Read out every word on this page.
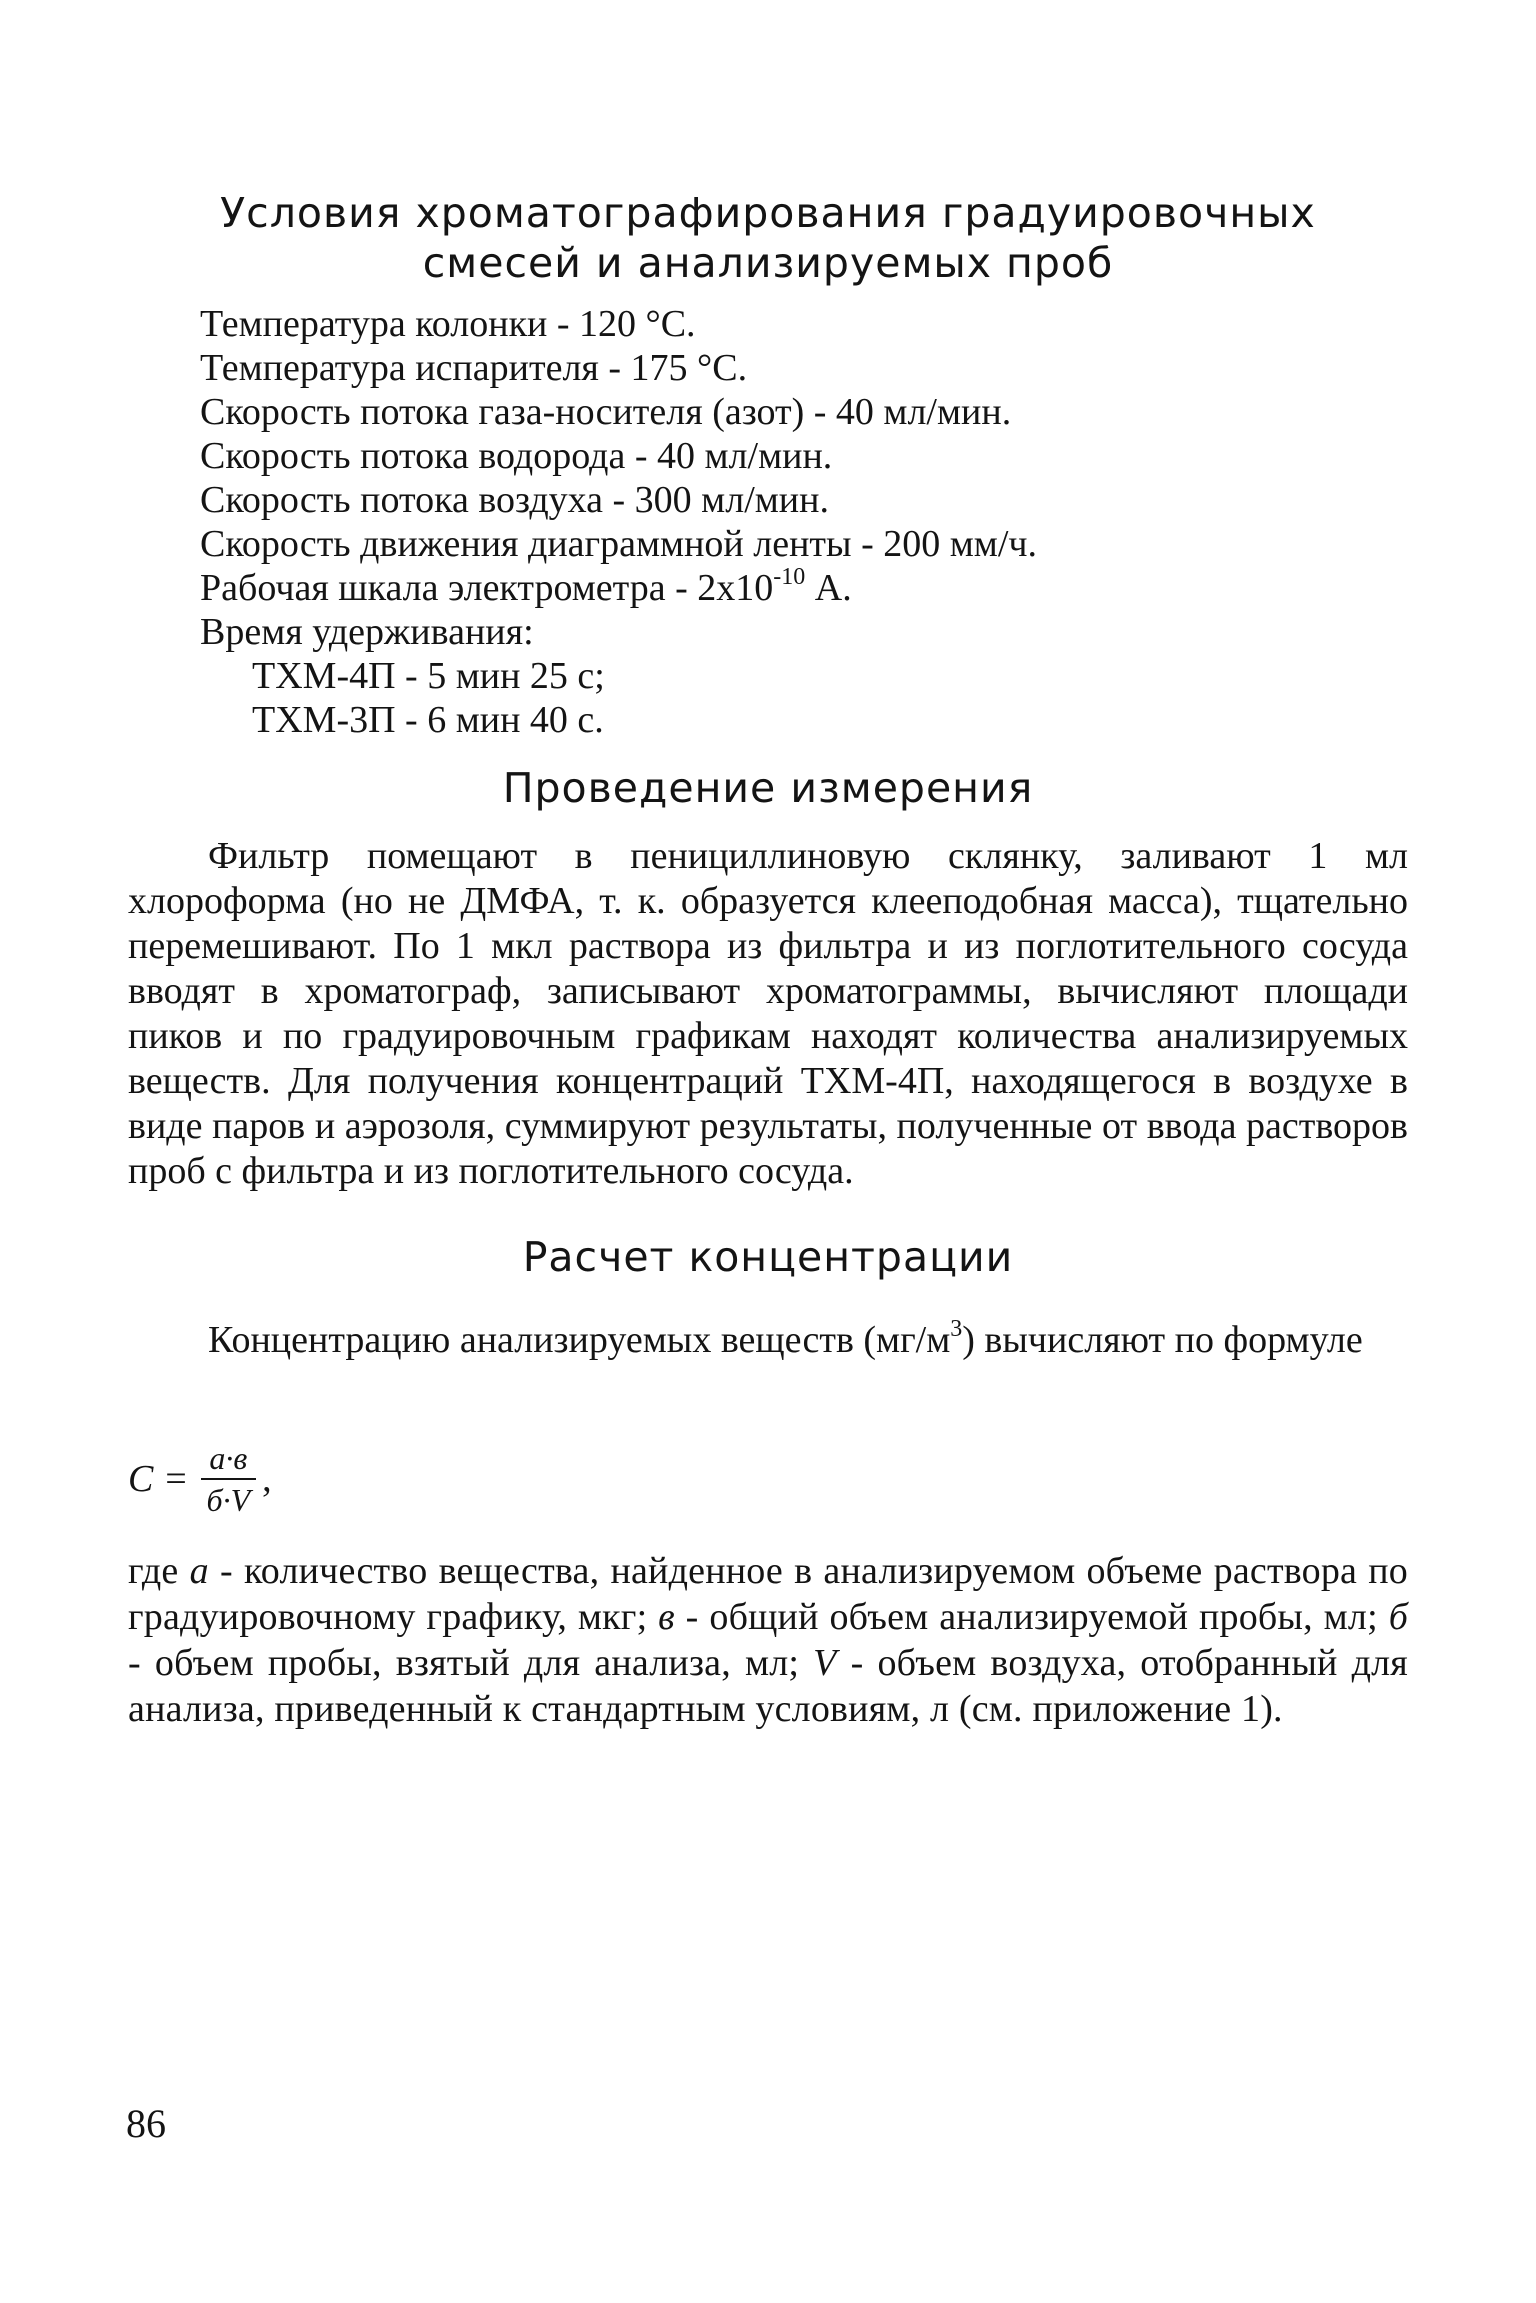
Условия хроматографирования градуировочных
смесей и анализируемых проб
Температура колонки - 120 °С.
Температура испарителя - 175 °С.
Скорость потока газа-носителя (азот) - 40 мл/мин.
Скорость потока водорода - 40 мл/мин.
Скорость потока воздуха - 300 мл/мин.
Скорость движения диаграммной ленты - 200 мм/ч.
Рабочая шкала электрометра - $2х10^{-10}$ А.
Время удерживания:
ТХМ-4П - 5 мин 25 с;
ТХМ-3П - 6 мин 40 с.
Проведение измерения

Фильтр помещают в пенициллиновую склянку, заливают 1 мл хлороформа (но не ДМФА, т. к. образуется клееподобная масса), тщательно перемешивают. По 1 мкл раствора из фильтра и из поглотительного сосуда вводят в хроматограф, записывают хроматограммы, вычисляют площади пиков и по градуировочным графикам находят количества анализируемых веществ. Для получения концентраций ТХМ-4П, находящегося в воздухе в виде паров и аэрозоля, суммируют результаты, полученные от ввода растворов проб с фильтра и из поглотительного сосуда.

Расчет концентрации

Концентрацию анализируемых веществ $(мг/м^3)$ вычисляют по формуле

$С = \frac{а\cdot в}{б\cdot V}$ ,

где а - количество вещества, найденное в анализируемом объеме раствора по градуировочному графику, мкг; в - общий объем анализируемой пробы, мл; б - объем пробы, взятый для анализа, мл; V - объем воздуха, отобранный для анализа, приведенный к стандартным условиям, л (см. приложение 1).

86
